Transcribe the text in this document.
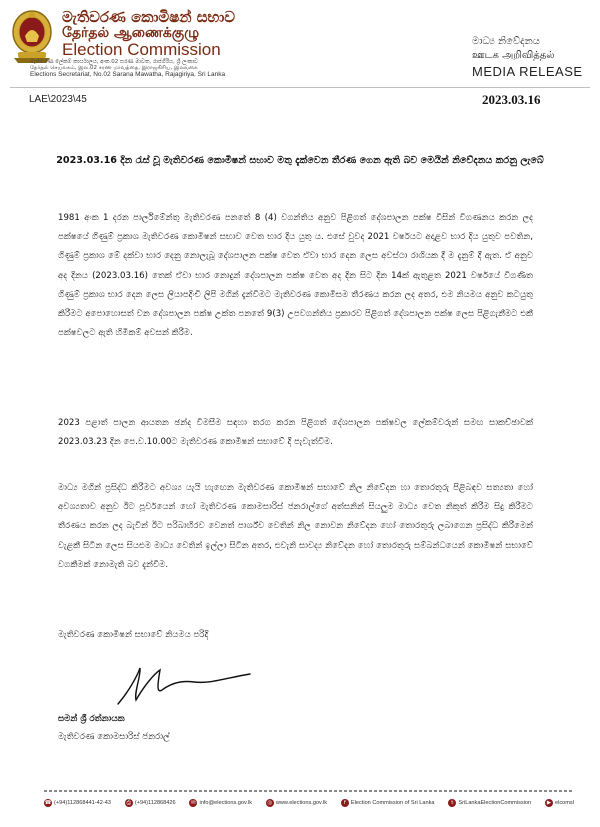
මැතිවරණ කොමිෂන් සභාව
தேர்தல் ஆணைக்குழு
Election Commission
මැතිවරණ ලේකම් කාර්යාලය, අංක.02 සරණ මාවත, රාජගිරිය, ශ්‍රී ලංකාව
தேர்தல் செயலகம், இல.02 சரண மாவத்தை, இராஜகிரிய, இலங்கை
Elections Secretariat, No.02 Sarana Mawatha, Rajagiriya, Sri Lanka
මාධ්‍ය නිවේදනය
ஊடக அறிவித்தல்
MEDIA RELEASE
LAE\2023\45	2023.03.16
2023.03.16 දින රැස් වූ මැතිවරණ කොමිෂන් සභාව මතු දැක්වෙන තීරණ ගෙන ඇති බව මෙයින් නිවේදනය කරනු ලැබේ
1981 අංක 1 දරන පාර්ලිමේන්තු මැතිවරණ පනතේ 8 (4) වගන්තිය අනුව පිළිගත් දේශපාලන පක්ෂ විසින් විගණනය කරන ලද පක්ෂයේ ගිණුම් ප්‍රකාශ මැතිවරණ කොමිෂන් සභාව වෙත භාර දිය යුතු ය. එසේ වුවද 2021 වර්ෂයට අදාළව භාර දිය යුතුව පවතින, ගිණුම් ප්‍රකාශ මේ දක්වා භාර දෙනු නොලැබූ දේශපාලන පක්ෂ වෙත ඒවා භාර දෙන ලෙස අවස්ථා රාශියක දී ම දැනුම් දී ඇත. ඒ අනුව අද දිනය (2023.03.16) තෙක් ඒවා භාර නොදුන් දේශපාලන පක්ෂ වෙත අද දින සිට දින 14ක් ඇතුළත 2021 වර්ෂයේ විගණිත ගිණුම් ප්‍රකාශ භාර දෙන ලෙස ලියාපදිංචි ලිපි මගින් දැන්වීමට මැතිවරණ කොමිසම තීරණය කරන ලද අතර, එම නියමය අනුව කටයුතු කිරීමට අපොහොසත් වන දේශපාලන පක්ෂ උක්ත පනතේ 9(3) උපවගන්තිය ප්‍රකාරව පිළිගත් දේශපාලන පක්ෂ ලෙස පිළිගැනීමට එකී පක්ෂවලට ඇති හිමිකම් අවසන් කිරීම.
2023 පළාත් පාලන ආයතන ඡන්ද විමසීම සඳහා තරග කරන පිළිගත් දේශපාලන පක්ෂවල ලේකම්වරුන් සමඟ සාකච්ඡාවක් 2023.03.23 දින පෙ.ව.10.00ට මැතිවරණ කොමිෂන් සභාවේ දී පැවැත්වීම.
මාධ්‍ය මගින් ප්‍රසිද්ධ කිරීමට අවශ්‍ය යැයි හැඟෙන මැතිවරණ කොමිෂන් සභාවේ නිල නිවේදන හා තොරතුරු පිළිබඳව සත්‍යතා හෝ අවශ්‍යතාව අනුව ඊට පූර්වයෙන් හෝ මැතිවරණ කොමසාරිස් ජනරාල්ගේ අත්සනින් සියලුම මාධ්‍ය වෙත නිකුත් කිරීම සිදු කිරීමට තීරණය කරන ලද බැවින් ඊට පරිබාහිරව වෙනත් පාර්ශ්ව වෙතින් නිල නොවන නිවේදන හෝ තොරතුරු ලබාගෙන ප්‍රසිද්ධ කිරීමෙන් වැළකී සිටින ලෙස සියළුම මාධ්‍ය වෙතින් ඉල්ලා සිටින අතර, එවැනි සාවද්‍ය නිවේදන හෝ තොරතුරු සම්බන්ධයෙන් කොමිෂන් සභාවේ වගකීමක් නොමැති බව දැන්වීම.
මැතිවරණ කොමිෂන් සභාවේ නියමය පරිදි
සමන් ශ්‍රී රත්නායක
මැතිවරණ කොමසාරිස් ජනරාල්
☎ (+94)112868441-42-43	⎙ (+94)112868426	✉ info@elections.gov.lk	◎ www.elections.gov.lk	f Election Commission of Sri Lanka	t SriLankaElectionCommission	▶ elcomsl
